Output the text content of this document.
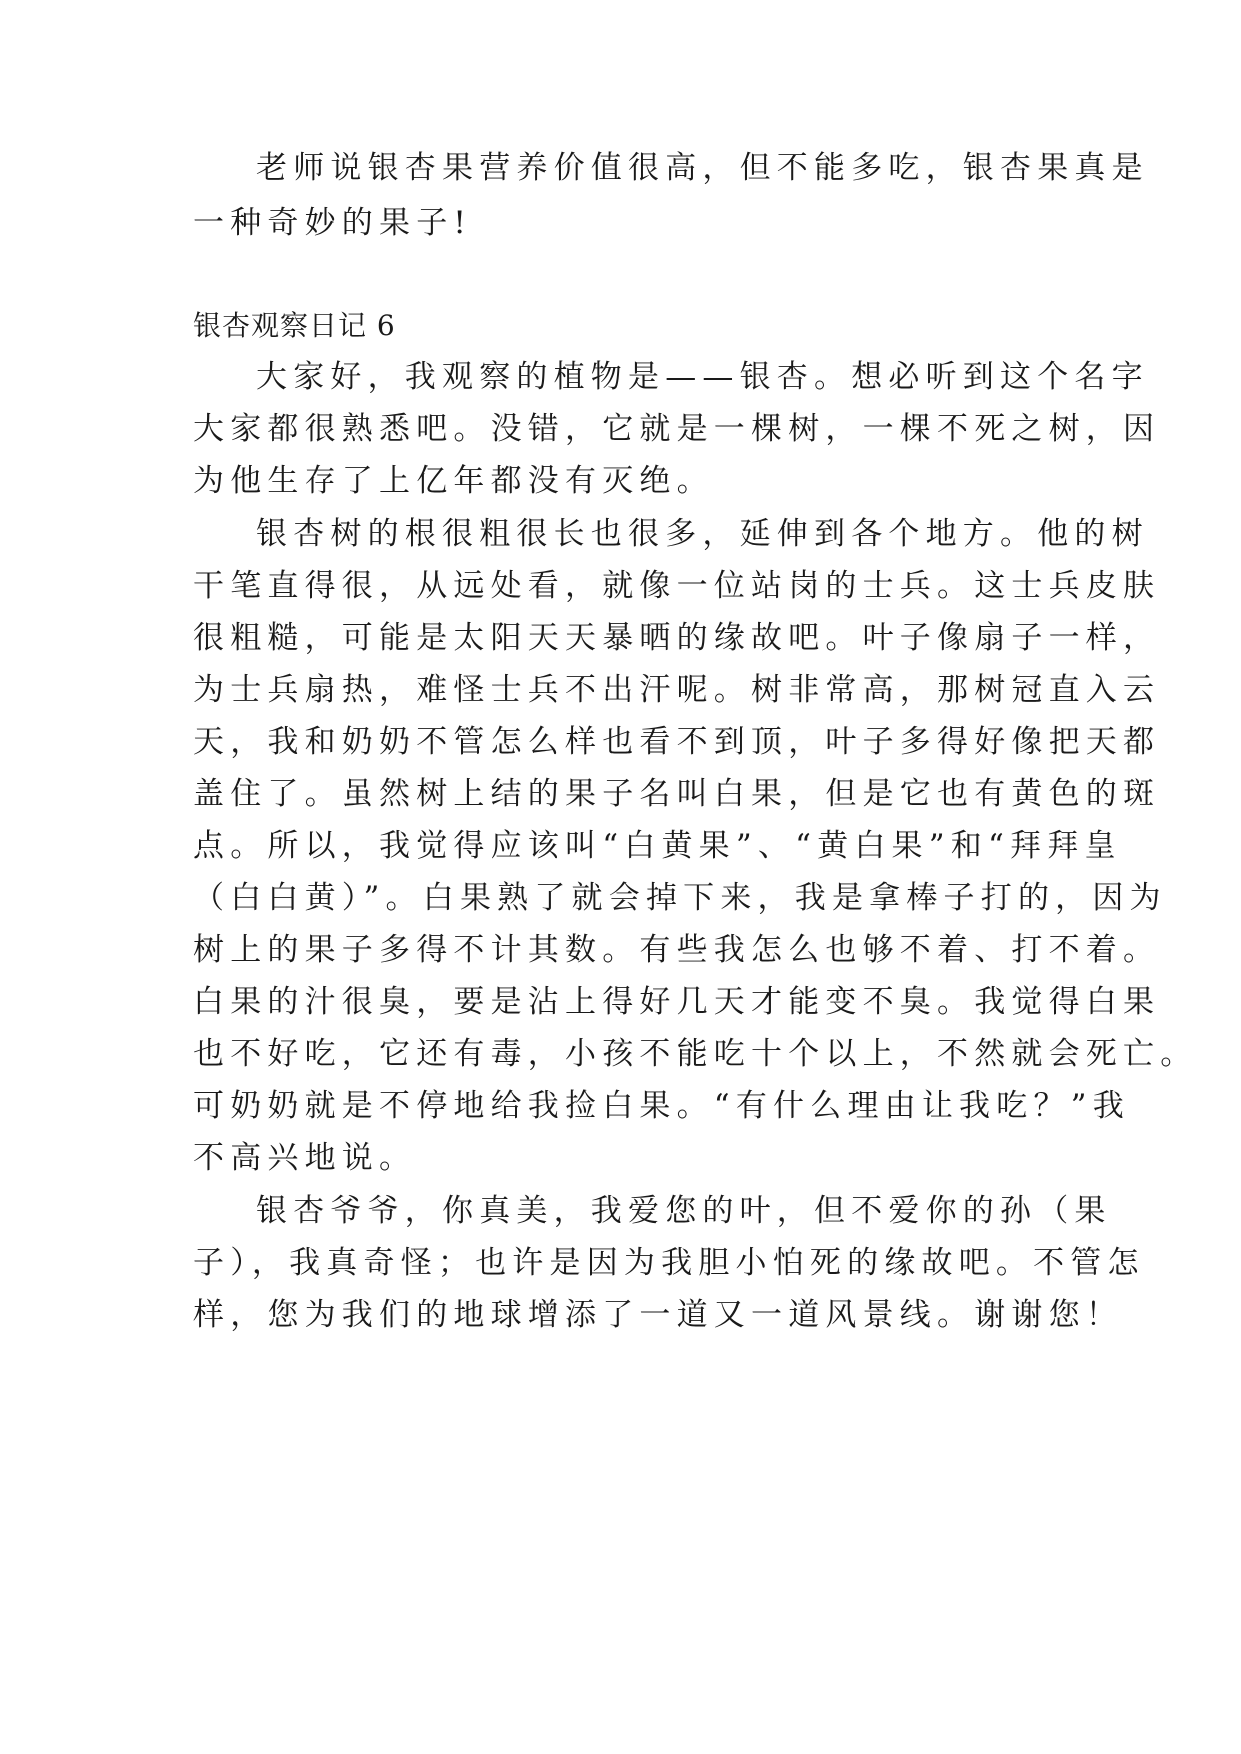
老师说银杏果营养价值很高，但不能多吃，银杏果真是
一种奇妙的果子!
银杏观察日记 6
大家好，我观察的植物是——银杏。想必听到这个名字
大家都很熟悉吧。没错，它就是一棵树，一棵不死之树，因
为他生存了上亿年都没有灭绝。
银杏树的根很粗很长也很多，延伸到各个地方。他的树
干笔直得很，从远处看，就像一位站岗的士兵。这士兵皮肤
很粗糙，可能是太阳天天暴晒的缘故吧。叶子像扇子一样，
为士兵扇热，难怪士兵不出汗呢。树非常高，那树冠直入云
天，我和奶奶不管怎么样也看不到顶，叶子多得好像把天都
盖住了。虽然树上结的果子名叫白果，但是它也有黄色的斑
点。所以，我觉得应该叫“白黄果”、“黄白果”和“拜拜皇
（白白黄）”。白果熟了就会掉下来，我是拿棒子打的，因为
树上的果子多得不计其数。有些我怎么也够不着、打不着。
白果的汁很臭，要是沾上得好几天才能变不臭。我觉得白果
也不好吃，它还有毒，小孩不能吃十个以上，不然就会死亡。
可奶奶就是不停地给我捡白果。“有什么理由让我吃？”我
不高兴地说。
银杏爷爷，你真美，我爱您的叶，但不爱你的孙（果
子），我真奇怪；也许是因为我胆小怕死的缘故吧。不管怎
样，您为我们的地球增添了一道又一道风景线。谢谢您！
